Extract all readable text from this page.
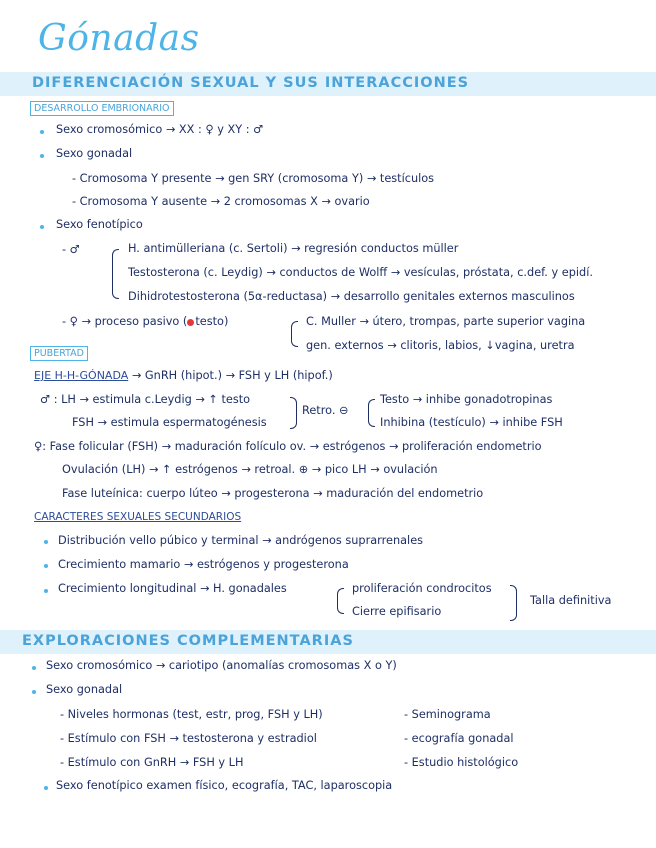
Gónadas
DIFERENCIACIÓN SEXUAL Y SUS INTERACCIONES
DESARROLLO EMBRIONARIO
Sexo cromosómico → XX : ♀ y XY : ♂
Sexo gonadal
- Cromosoma Y presente → gen SRY (cromosoma Y) → testículos
- Cromosoma Y ausente → 2 cromosomas X → ovario
Sexo fenotípico
- ♂	H. antimülleriana (c. Sertoli) → regresión conductos müller
Testosterona (c. Leydig) → conductos de Wolff → vesículas, próstata, c.def. y epidí.
Dihidrotestosterona (5α-reductasa) → desarrollo genitales externos masculinos
- ♀ → proceso pasivo ( testo)	C. Muller → útero, trompas, parte superior vagina
gen. externos → clitoris, labios, ↓vagina, uretra
PUBERTAD
EJE H-H-GÓNADA → GnRH (hipot.) → FSH y LH (hipof.)
♂ : LH → estimula c.Leydig → ↑ testo
FSH → estimula espermatogénesis
Retro. ⊖
Testo → inhibe gonadotropinas
Inhibina (testículo) → inhibe FSH
♀: Fase folicular (FSH) → maduración folículo ov. → estrógenos → proliferación endometrio
Ovulación (LH) → ↑ estrógenos → retroal. ⊕ → pico LH → ovulación
Fase luteínica: cuerpo lúteo → progesterona → maduración del endometrio
CARACTERES SEXUALES SECUNDARIOS
Distribución vello púbico y terminal → andrógenos suprarrenales
Crecimiento mamario → estrógenos y progesterona
Crecimiento longitudinal → H. gonadales	proliferación condrocitos
Cierre epifisario
Talla definitiva
EXPLORACIONES COMPLEMENTARIAS
Sexo cromosómico → cariotipo (anomalías cromosomas X o Y)
Sexo gonadal
- Niveles hormonas (test, estr, prog, FSH y LH)
- Estímulo con FSH → testosterona y estradiol
- Estímulo con GnRH → FSH y LH
- Seminograma
- ecografía gonadal
- Estudio histológico
Sexo fenotípico examen físico, ecografía, TAC, laparoscopia
